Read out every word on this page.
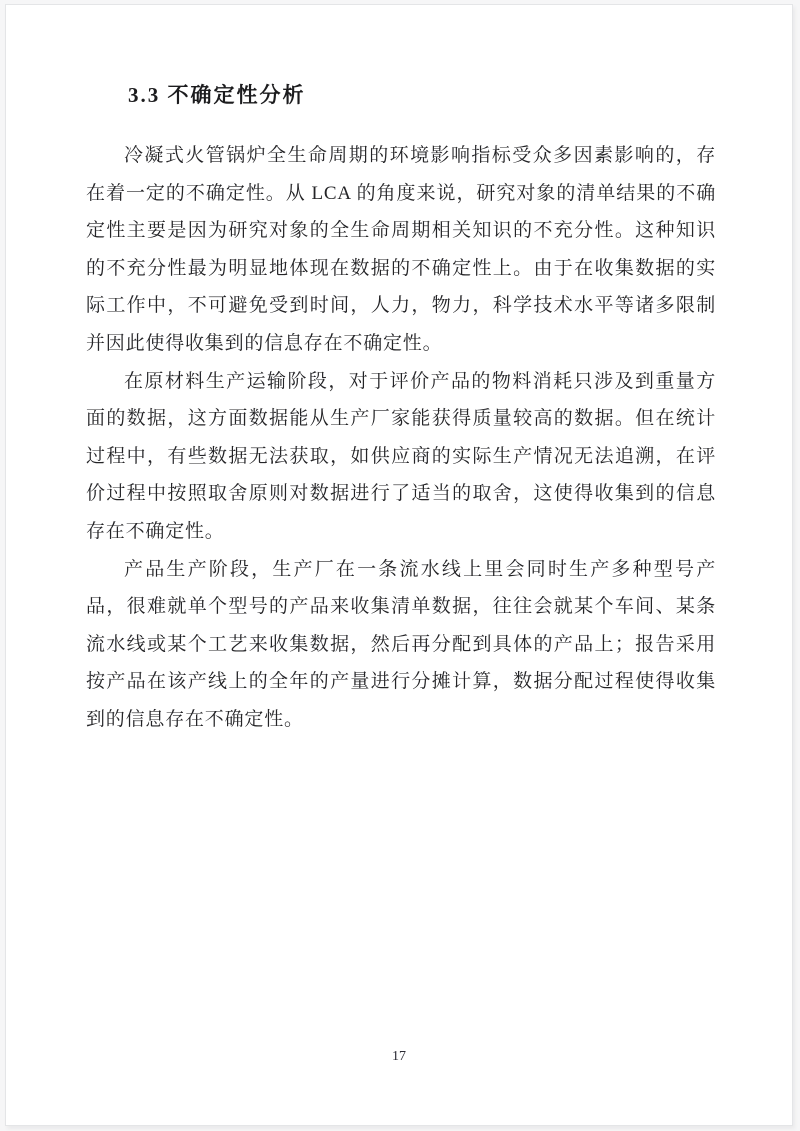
3.3 不确定性分析

冷凝式火管锅炉全生命周期的环境影响指标受众多因素影响的，存在着一定的不确定性。从 LCA 的角度来说，研究对象的清单结果的不确定性主要是因为研究对象的全生命周期相关知识的不充分性。这种知识的不充分性最为明显地体现在数据的不确定性上。由于在收集数据的实际工作中，不可避免受到时间，人力，物力，科学技术水平等诸多限制并因此使得收集到的信息存在不确定性。

在原材料生产运输阶段，对于评价产品的物料消耗只涉及到重量方面的数据，这方面数据能从生产厂家能获得质量较高的数据。但在统计过程中，有些数据无法获取，如供应商的实际生产情况无法追溯，在评价过程中按照取舍原则对数据进行了适当的取舍，这使得收集到的信息存在不确定性。

产品生产阶段，生产厂在一条流水线上里会同时生产多种型号产品，很难就单个型号的产品来收集清单数据，往往会就某个车间、某条流水线或某个工艺来收集数据，然后再分配到具体的产品上；报告采用按产品在该产线上的全年的产量进行分摊计算，数据分配过程使得收集到的信息存在不确定性。

17
